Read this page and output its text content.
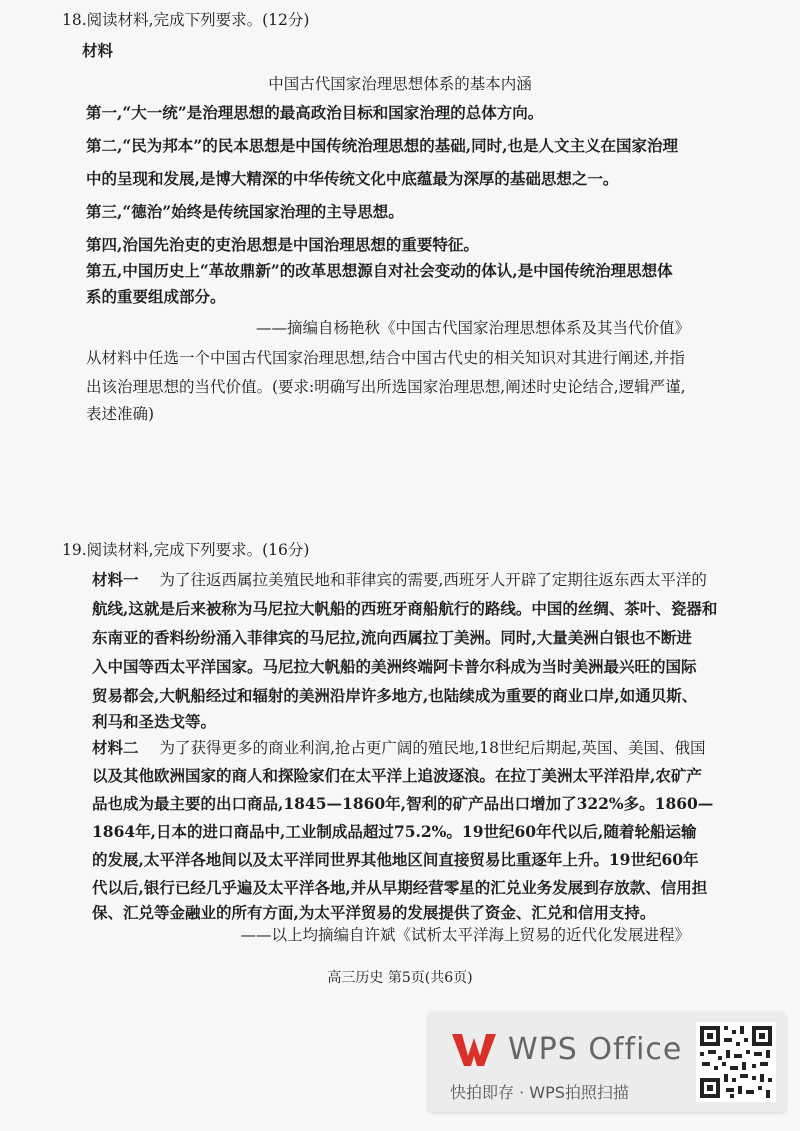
18.阅读材料,完成下列要求。(12分)
材料
中国古代国家治理思想体系的基本内涵
第一,“大一统”是治理思想的最高政治目标和国家治理的总体方向。
第二,“民为邦本”的民本思想是中国传统治理思想的基础,同时,也是人文主义在国家治理
中的呈现和发展,是博大精深的中华传统文化中底蕴最为深厚的基础思想之一。
第三,“德治”始终是传统国家治理的主导思想。
第四,治国先治吏的吏治思想是中国治理思想的重要特征。
第五,中国历史上“革故鼎新”的改革思想源自对社会变动的体认,是中国传统治理思想体
系的重要组成部分。
——摘编自杨艳秋《中国古代国家治理思想体系及其当代价值》
从材料中任选一个中国古代国家治理思想,结合中国古代史的相关知识对其进行阐述,并指
出该治理思想的当代价值。(要求:明确写出所选国家治理思想,阐述时史论结合,逻辑严谨,
表述准确)
19.阅读材料,完成下列要求。(16分)
材料一 为了往返西属拉美殖民地和菲律宾的需要,西班牙人开辟了定期往返东西太平洋的
航线,这就是后来被称为马尼拉大帆船的西班牙商船航行的路线。中国的丝绸、茶叶、瓷器和
东南亚的香料纷纷涌入菲律宾的马尼拉,流向西属拉丁美洲。同时,大量美洲白银也不断进
入中国等西太平洋国家。马尼拉大帆船的美洲终端阿卡普尔科成为当时美洲最兴旺的国际
贸易都会,大帆船经过和辐射的美洲沿岸许多地方,也陆续成为重要的商业口岸,如通贝斯、
利马和圣迭戈等。
材料二 为了获得更多的商业利润,抢占更广阔的殖民地,18世纪后期起,英国、美国、俄国
以及其他欧洲国家的商人和探险家们在太平洋上追波逐浪。在拉丁美洲太平洋沿岸,农矿产
品也成为最主要的出口商品,1845—1860年,智利的矿产品出口增加了322%多。1860—
1864年,日本的进口商品中,工业制成品超过75.2%。19世纪60年代以后,随着轮船运输
的发展,太平洋各地间以及太平洋同世界其他地区间直接贸易比重逐年上升。19世纪60年
代以后,银行已经几乎遍及太平洋各地,并从早期经营零星的汇兑业务发展到存放款、信用担
保、汇兑等金融业的所有方面,为太平洋贸易的发展提供了资金、汇兑和信用支持。
——以上均摘编自许斌《试析太平洋海上贸易的近代化发展进程》
高三历史 第5页(共6页)
WPS Office
快拍即存 · WPS拍照扫描
